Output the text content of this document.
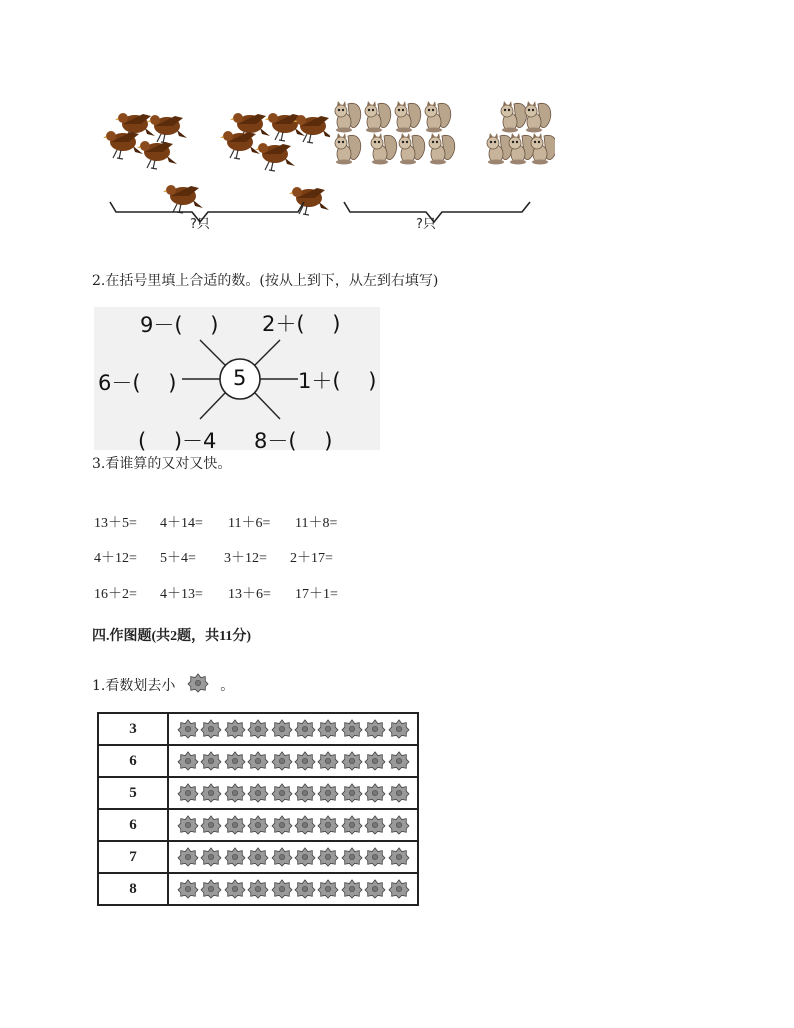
?只	?只
2.在括号里填上合适的数。(按从上到下，从左到右填写)
5
9－(　 ) 2＋(　 )
6－(　 )	1＋(　 )
(　 )－4 8－(　 )
3.看谁算的又对又快。
13＋5= 4＋14= 11＋6= 11＋8=
4＋12= 5＋4= 3＋12= 2＋17=
16＋2= 4＋13= 13＋6= 17＋1=
四.作图题(共2题，共11分)
1.看数划去小	。
3	
6	
5	
6	
7	
8	
